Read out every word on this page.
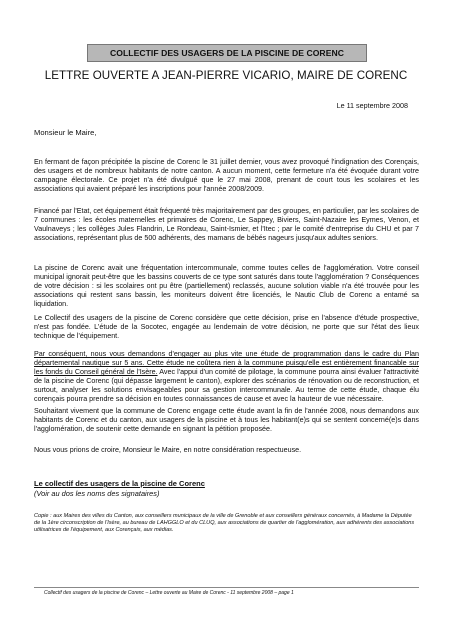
COLLECTIF DES USAGERS DE LA PISCINE DE CORENC
LETTRE OUVERTE A JEAN-PIERRE VICARIO, MAIRE DE CORENC
Le 11 septembre 2008
Monsieur le Maire,
En fermant de façon précipitée la piscine de Corenc le 31 juillet dernier, vous avez provoqué l'indignation des Corençais, des usagers et de nombreux habitants de notre canton. A aucun moment, cette fermeture n'a été évoquée durant votre campagne électorale. Ce projet n'a été divulgué que le 27 mai 2008, prenant de court tous les scolaires et les associations qui avaient préparé les inscriptions pour l'année 2008/2009.
Financé par l'Etat, cet équipement était fréquenté très majoritairement par des groupes, en particulier, par les scolaires de 7 communes : les écoles maternelles et primaires de Corenc, Le Sappey, Biviers, Saint-Nazaire les Eymes, Venon, et Vaulnaveys ; les collèges Jules Flandrin, Le Rondeau, Saint-Ismier, et l'Itec ; par le comité d'entreprise du CHU et par 7 associations, représentant plus de 500 adhérents, des mamans de bébés nageurs jusqu'aux adultes seniors.
La piscine de Corenc avait une fréquentation intercommunale, comme toutes celles de l'agglomération. Votre conseil municipal ignorait peut-être que les bassins couverts de ce type sont saturés dans toute l'agglomération ? Conséquences de votre décision : si les scolaires ont pu être (partiellement) reclassés, aucune solution viable n'a été trouvée pour les associations qui restent sans bassin, les moniteurs doivent être licenciés, le Nautic Club de Corenc a entamé sa liquidation.
Le Collectif des usagers de la piscine de Corenc considère que cette décision, prise en l'absence d'étude prospective, n'est pas fondée. L'étude de la Socotec, engagée au lendemain de votre décision, ne porte que sur l'état des lieux technique de l'équipement.
Par conséquent, nous vous demandons d'engager au plus vite une étude de programmation dans le cadre du Plan départemental nautique sur 5 ans. Cette étude ne coûtera rien à la commune puisqu'elle est entièrement financable sur les fonds du Conseil général de l'Isère. Avec l'appui d'un comité de pilotage, la commune pourra ainsi évaluer l'attractivité de la piscine de Corenc (qui dépasse largement le canton), explorer des scénarios de rénovation ou de reconstruction, et surtout, analyser les solutions envisageables pour sa gestion intercommunale. Au terme de cette étude, chaque élu corençais pourra prendre sa décision en toutes connaissances de cause et avec la hauteur de vue nécessaire.
Souhaitant vivement que la commune de Corenc engage cette étude avant la fin de l'année 2008, nous demandons aux habitants de Corenc et du canton, aux usagers de la piscine et à tous les habitant(e)s qui se sentent concerné(e)s dans l'agglomération, de soutenir cette demande en signant la pétition proposée.
Nous vous prions de croire, Monsieur le Maire, en notre considération respectueuse.
Le collectif des usagers de la piscine de Corenc
(Voir au dos les noms des signataires)
Copie : aux Maires des villes du Canton, aux conseillers municipaux de la ville de Grenoble et aux conseillers généraux concernés, à Madame la Députée de la 1ère circonscription de l'Isère, au bureau de LAHGGLO et du CLUQ, aux associations de quartier de l'agglomération, aux adhérents des associations utilisatrices de l'équipement, aux Corençais, aux médias.
Collectif des usagers de la piscine de Corenc – Lettre ouverte au Maire de Corenc - 11 septembre 2008 – page 1
